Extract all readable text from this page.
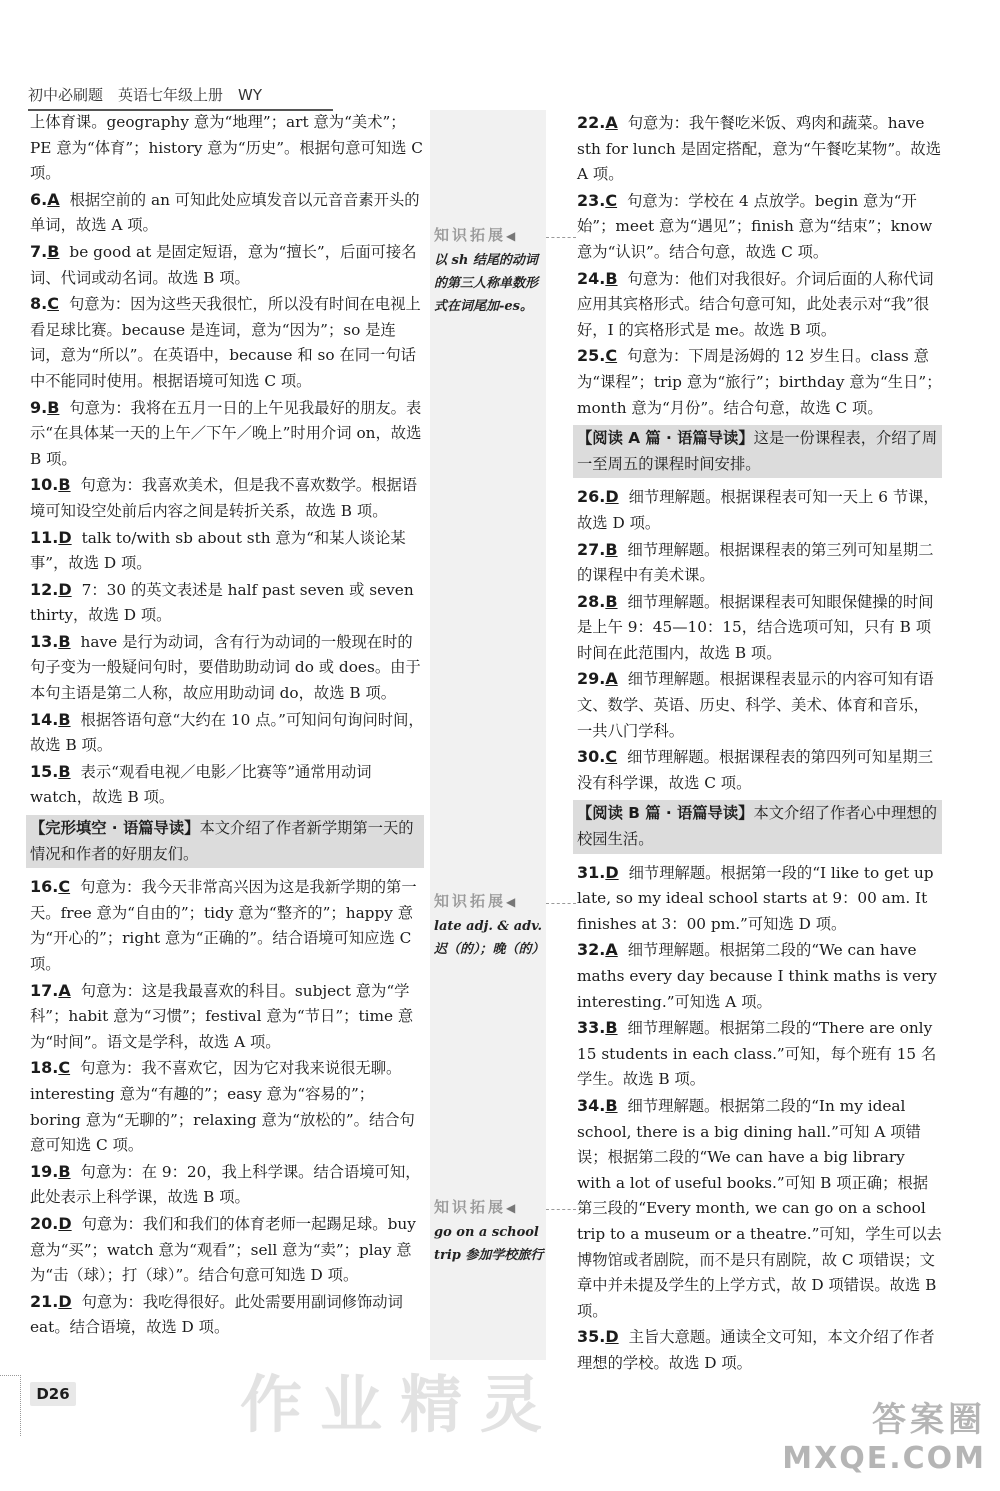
初中必刷题　英语七年级上册　WY
上体育课。geography 意为“地理”；art 意为“美术”；PE 意为“体育”；history 意为“历史”。根据句意可知选 C 项。
6.A 根据空前的 an 可知此处应填发音以元音音素开头的单词，故选 A 项。
7.B be good at 是固定短语，意为“擅长”，后面可接名词、代词或动名词。故选 B 项。
8.C 句意为：因为这些天我很忙，所以没有时间在电视上看足球比赛。because 是连词，意为“因为”；so 是连词，意为“所以”。在英语中，because 和 so 在同一句话中不能同时使用。根据语境可知选 C 项。
9.B 句意为：我将在五月一日的上午见我最好的朋友。表示“在具体某一天的上午／下午／晚上”时用介词 on，故选 B 项。
10.B 句意为：我喜欢美术，但是我不喜欢数学。根据语境可知设空处前后内容之间是转折关系，故选 B 项。
11.D talk to/with sb about sth 意为“和某人谈论某事”，故选 D 项。
12.D 7：30 的英文表述是 half past seven 或 seven thirty，故选 D 项。
13.B have 是行为动词，含有行为动词的一般现在时的句子变为一般疑问句时，要借助助动词 do 或 does。由于本句主语是第二人称，故应用助动词 do，故选 B 项。
14.B 根据答语句意“大约在 10 点。”可知问句询问时间，故选 B 项。
15.B 表示“观看电视／电影／比赛等”通常用动词 watch，故选 B 项。
【完形填空 · 语篇导读】本文介绍了作者新学期第一天的情况和作者的好朋友们。
16.C 句意为：我今天非常高兴因为这是我新学期的第一天。free 意为“自由的”；tidy 意为“整齐的”；happy 意为“开心的”；right 意为“正确的”。结合语境可知应选 C 项。
17.A 句意为：这是我最喜欢的科目。subject 意为“学科”；habit 意为“习惯”；festival 意为“节日”；time 意为“时间”。语文是学科，故选 A 项。
18.C 句意为：我不喜欢它，因为它对我来说很无聊。interesting 意为“有趣的”；easy 意为“容易的”；boring 意为“无聊的”；relaxing 意为“放松的”。结合句意可知选 C 项。
19.B 句意为：在 9：20，我上科学课。结合语境可知，此处表示上科学课，故选 B 项。
20.D 句意为：我们和我们的体育老师一起踢足球。buy 意为“买”；watch 意为“观看”；sell 意为“卖”；play 意为“击（球）；打（球）”。结合句意可知选 D 项。
21.D 句意为：我吃得很好。此处需要用副词修饰动词 eat。结合语境，故选 D 项。
22.A 句意为：我午餐吃米饭、鸡肉和蔬菜。have sth for lunch 是固定搭配，意为“午餐吃某物”。故选 A 项。
23.C 句意为：学校在 4 点放学。begin 意为“开始”；meet 意为“遇见”；finish 意为“结束”；know 意为“认识”。结合句意，故选 C 项。
24.B 句意为：他们对我很好。介词后面的人称代词应用其宾格形式。结合句意可知，此处表示对“我”很好，I 的宾格形式是 me。故选 B 项。
25.C 句意为：下周是汤姆的 12 岁生日。class 意为“课程”；trip 意为“旅行”；birthday 意为“生日”；month 意为“月份”。结合句意，故选 C 项。
【阅读 A 篇 · 语篇导读】这是一份课程表，介绍了周一至周五的课程时间安排。
26.D 细节理解题。根据课程表可知一天上 6 节课，故选 D 项。
27.B 细节理解题。根据课程表的第三列可知星期二的课程中有美术课。
28.B 细节理解题。根据课程表可知眼保健操的时间是上午 9：45—10：15，结合选项可知，只有 B 项时间在此范围内，故选 B 项。
29.A 细节理解题。根据课程表显示的内容可知有语文、数学、英语、历史、科学、美术、体育和音乐，一共八门学科。
30.C 细节理解题。根据课程表的第四列可知星期三没有科学课，故选 C 项。
【阅读 B 篇 · 语篇导读】本文介绍了作者心中理想的校园生活。
31.D 细节理解题。根据第一段的“I like to get up late, so my ideal school starts at 9：00 am. It finishes at 3：00 pm.”可知选 D 项。
32.A 细节理解题。根据第二段的“We can have maths every day because I think maths is very interesting.”可知选 A 项。
33.B 细节理解题。根据第二段的“There are only 15 students in each class.”可知，每个班有 15 名学生。故选 B 项。
34.B 细节理解题。根据第二段的“In my ideal school, there is a big dining hall.”可知 A 项错误；根据第二段的“We can have a big library with a lot of useful books.”可知 B 项正确；根据第三段的“Every month, we can go on a school trip to a museum or a theatre.”可知，学生可以去博物馆或者剧院，而不是只有剧院，故 C 项错误；文章中并未提及学生的上学方式，故 D 项错误。故选 B 项。
35.D 主旨大意题。通读全文可知，本文介绍了作者理想的学校。故选 D 项。
知识拓展◀
以 sh 结尾的动词的第三人称单数形式在词尾加-es。
知识拓展◀
late adj. & adv. 迟（的）；晚（的）
知识拓展◀
go on a school trip 参加学校旅行
D26	作业精灵	答案圈
MXQE.COM
